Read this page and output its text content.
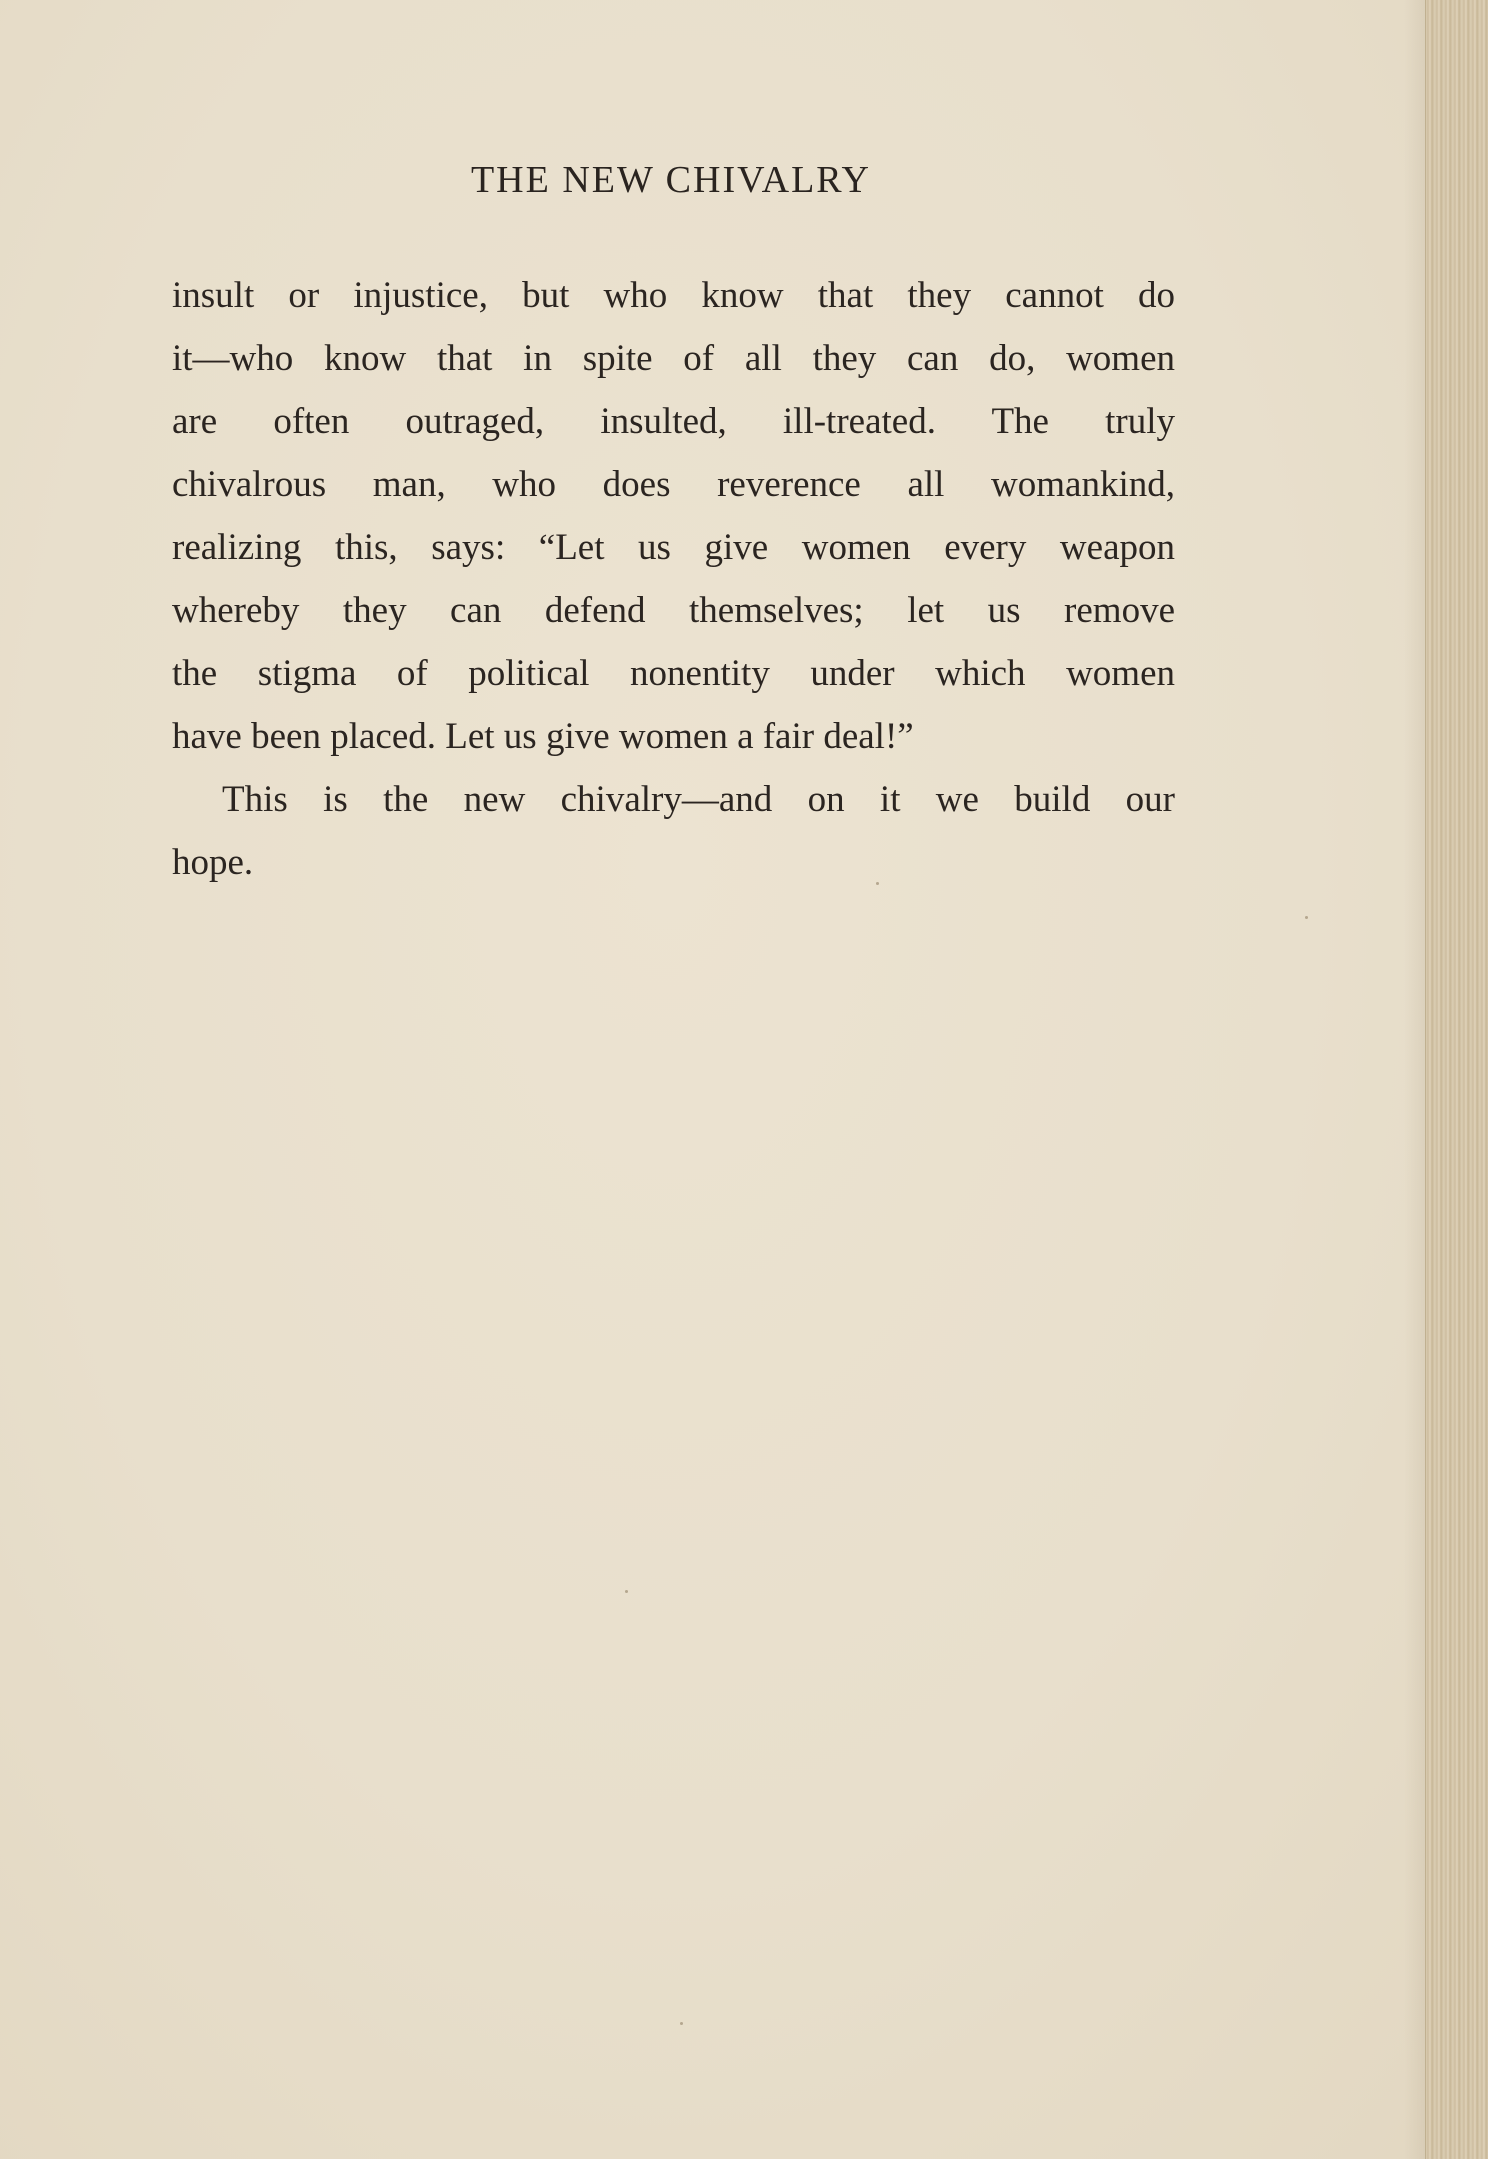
THE NEW CHIVALRY
insult or injustice, but who know that they cannot do
it—who know that in spite of all they can do, women
are often outraged, insulted, ill-treated. The truly
chivalrous man, who does reverence all womankind,
realizing this, says: “Let us give women every weapon
whereby they can defend themselves; let us remove
the stigma of political nonentity under which women
have been placed. Let us give women a fair deal!”
This is the new chivalry—and on it we build our
hope.
